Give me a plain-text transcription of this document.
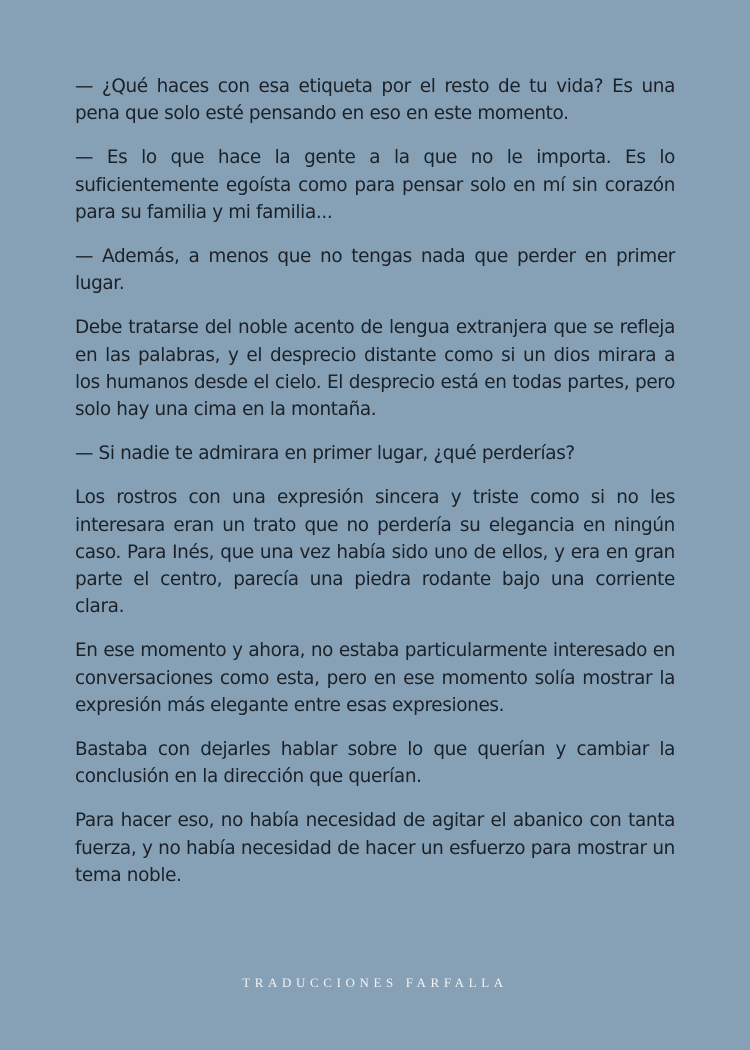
— ¿Qué haces con esa etiqueta por el resto de tu vida? Es una pena que solo esté pensando en eso en este momento.

— Es lo que hace la gente a la que no le importa. Es lo suficientemente egoísta como para pensar solo en mí sin corazón para su familia y mi familia...

— Además, a menos que no tengas nada que perder en primer lugar.

Debe tratarse del noble acento de lengua extranjera que se refleja en las palabras, y el desprecio distante como si un dios mirara a los humanos desde el cielo. El desprecio está en todas partes, pero solo hay una cima en la montaña.

— Si nadie te admirara en primer lugar, ¿qué perderías?

Los rostros con una expresión sincera y triste como si no les interesara eran un trato que no perdería su elegancia en ningún caso. Para Inés, que una vez había sido uno de ellos, y era en gran parte el centro, parecía una piedra rodante bajo una corriente clara.

En ese momento y ahora, no estaba particularmente interesado en conversaciones como esta, pero en ese momento solía mostrar la expresión más elegante entre esas expresiones.

Bastaba con dejarles hablar sobre lo que querían y cambiar la conclusión en la dirección que querían.

Para hacer eso, no había necesidad de agitar el abanico con tanta fuerza, y no había necesidad de hacer un esfuerzo para mostrar un tema noble.

TRADUCCIONES FARFALLA
